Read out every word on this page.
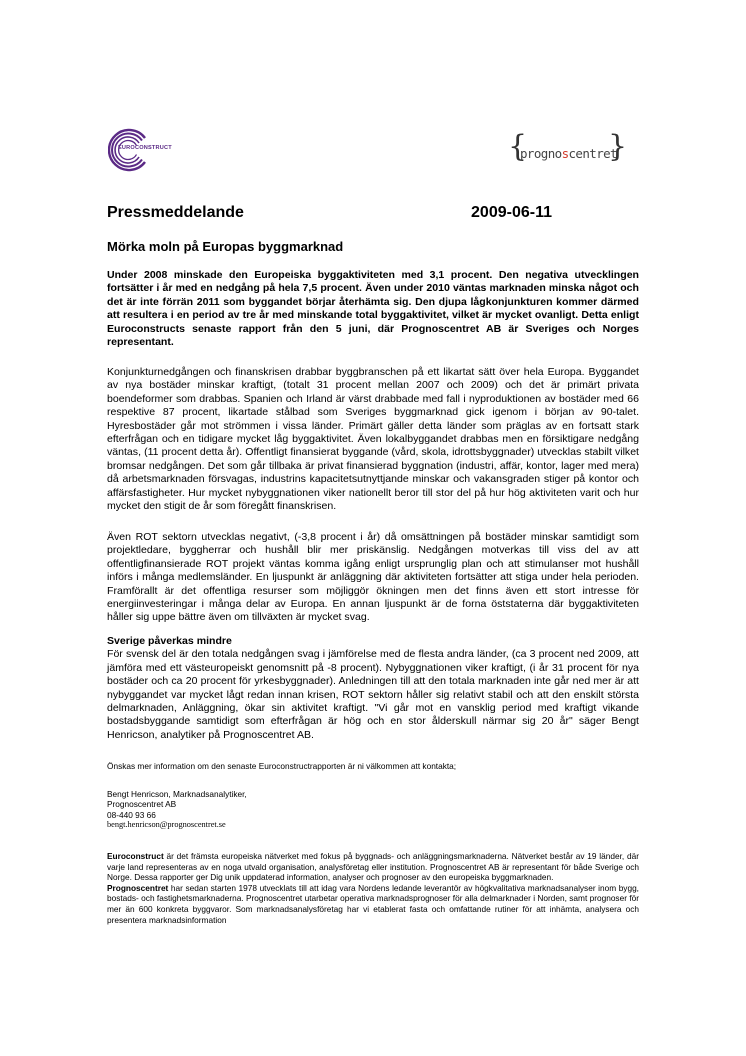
EUROCONSTRUCT	{
prognoscentret
}
Pressmeddelande	2009-06-11
Mörka moln på Europas byggmarknad
Under 2008 minskade den Europeiska byggaktiviteten med 3,1 procent. Den negativa utvecklingen fortsätter i år med en nedgång på hela 7,5 procent. Även under 2010 väntas marknaden minska något och det är inte förrän 2011 som byggandet börjar återhämta sig. Den djupa lågkonjunkturen kommer därmed att resultera i en period av tre år med minskande total byggaktivitet, vilket är mycket ovanligt. Detta enligt Euroconstructs senaste rapport från den 5 juni, där Prognoscentret AB är Sveriges och Norges representant.

Konjunkturnedgången och finanskrisen drabbar byggbranschen på ett likartat sätt över hela Europa. Byggandet av nya bostäder minskar kraftigt, (totalt 31 procent mellan 2007 och 2009) och det är primärt privata boendeformer som drabbas. Spanien och Irland är värst drabbade med fall i nyproduktionen av bostäder med 66 respektive 87 procent, likartade stålbad som Sveriges byggmarknad gick igenom i början av 90-talet. Hyresbostäder går mot strömmen i vissa länder. Primärt gäller detta länder som präglas av en fortsatt stark efterfrågan och en tidigare mycket låg byggaktivitet. Även lokalbyggandet drabbas men en försiktigare nedgång väntas, (11 procent detta år). Offentligt finansierat byggande (vård, skola, idrottsbyggnader) utvecklas stabilt vilket bromsar nedgången. Det som går tillbaka är privat finansierad byggnation (industri, affär, kontor, lager med mera) då arbetsmarknaden försvagas, industrins kapacitetsutnyttjande minskar och vakansgraden stiger på kontor och affärsfastigheter. Hur mycket nybyggnationen viker nationellt beror till stor del på hur hög aktiviteten varit och hur mycket den stigit de år som föregått finanskrisen.

Även ROT sektorn utvecklas negativt, (-3,8 procent i år) då omsättningen på bostäder minskar samtidigt som projektledare, byggherrar och hushåll blir mer priskänslig. Nedgången motverkas till viss del av att offentligfinansierade ROT projekt väntas komma igång enligt ursprunglig plan och att stimulanser mot hushåll införs i många medlemsländer. En ljuspunkt är anläggning där aktiviteten fortsätter att stiga under hela perioden. Framförallt är det offentliga resurser som möjliggör ökningen men det finns även ett stort intresse för energiinvesteringar i många delar av Europa. En annan ljuspunkt är de forna öststaterna där byggaktiviteten håller sig uppe bättre även om tillväxten är mycket svag.

Sverige påverkas mindre

För svensk del är den totala nedgången svag i jämförelse med de flesta andra länder, (ca 3 procent ned 2009, att jämföra med ett västeuropeiskt genomsnitt på -8 procent). Nybyggnationen viker kraftigt, (i år 31 procent för nya bostäder och ca 20 procent för yrkesbyggnader). Anledningen till att den totala marknaden inte går ned mer är att nybyggandet var mycket lågt redan innan krisen, ROT sektorn håller sig relativt stabil och att den enskilt största delmarknaden, Anläggning, ökar sin aktivitet kraftigt. "Vi går mot en vansklig period med kraftigt vikande bostadsbyggande samtidigt som efterfrågan är hög och en stor ålderskull närmar sig 20 år" säger Bengt Henricson, analytiker på Prognoscentret AB.

Önskas mer information om den senaste Euroconstructrapporten är ni välkommen att kontakta;
Bengt Henricson, Marknadsanalytiker,
Prognoscentret AB
08-440 93 66
bengt.henricson@prognoscentret.se

Euroconstruct är det främsta europeiska nätverket med fokus på byggnads- och anläggningsmarknaderna. Nätverket består av 19 länder, där varje land representeras av en noga utvald organisation, analysföretag eller institution. Prognoscentret AB är representant för både Sverige och Norge. Dessa rapporter ger Dig unik uppdaterad information, analyser och prognoser av den europeiska byggmarknaden.

Prognoscentret har sedan starten 1978 utvecklats till att idag vara Nordens ledande leverantör av högkvalitativa marknadsanalyser inom bygg, bostads- och fastighetsmarknaderna. Prognoscentret utarbetar operativa marknadsprognoser för alla delmarknader i Norden, samt prognoser för mer än 600 konkreta byggvaror. Som marknadsanalysföretag har vi etablerat fasta och omfattande rutiner för att inhämta, analysera och presentera marknadsinformation
